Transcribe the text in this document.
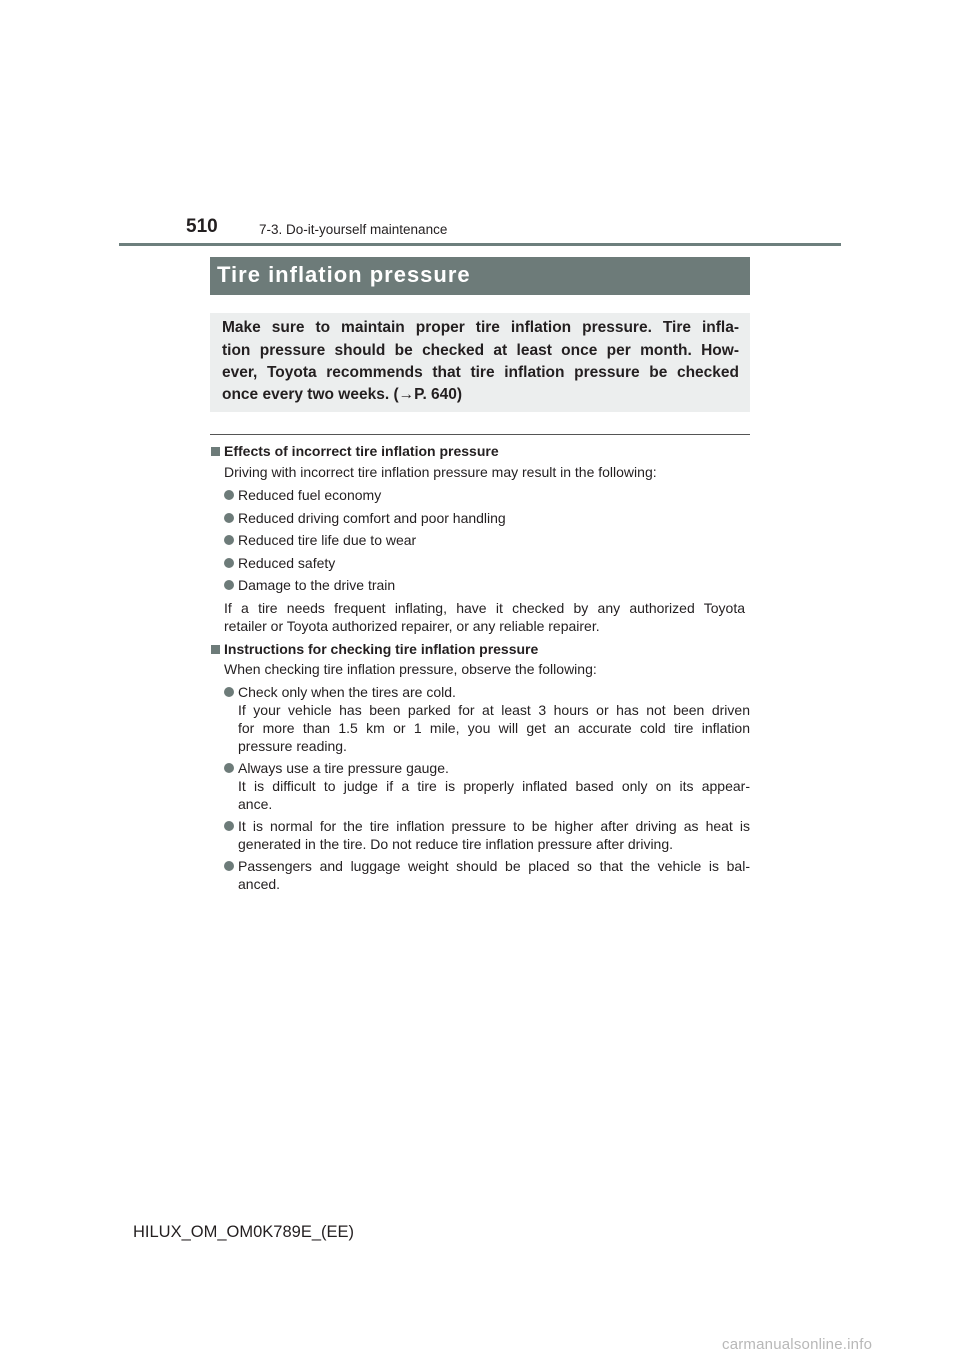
510	7-3. Do-it-yourself maintenance
Tire inflation pressure
Make sure to maintain proper tire inflation pressure. Tire infla-
tion pressure should be checked at least once per month. How-
ever, Toyota recommends that tire inflation pressure be checked
once every two weeks. (→P. 640)
Effects of incorrect tire inflation pressure
Driving with incorrect tire inflation pressure may result in the following:
Reduced fuel economy
Reduced driving comfort and poor handling
Reduced tire life due to wear
Reduced safety
Damage to the drive train
If a tire needs frequent inflating, have it checked by any authorized Toyota
retailer or Toyota authorized repairer, or any reliable repairer.
Instructions for checking tire inflation pressure
When checking tire inflation pressure, observe the following:
Check only when the tires are cold.
If your vehicle has been parked for at least 3 hours or has not been driven
for more than 1.5 km or 1 mile, you will get an accurate cold tire inflation
pressure reading.
Always use a tire pressure gauge.
It is difficult to judge if a tire is properly inflated based only on its appear-
ance.
It is normal for the tire inflation pressure to be higher after driving as heat is
generated in the tire. Do not reduce tire inflation pressure after driving.
Passengers and luggage weight should be placed so that the vehicle is bal-
anced.
HILUX_OM_OM0K789E_(EE)
carmanualsonline.info
